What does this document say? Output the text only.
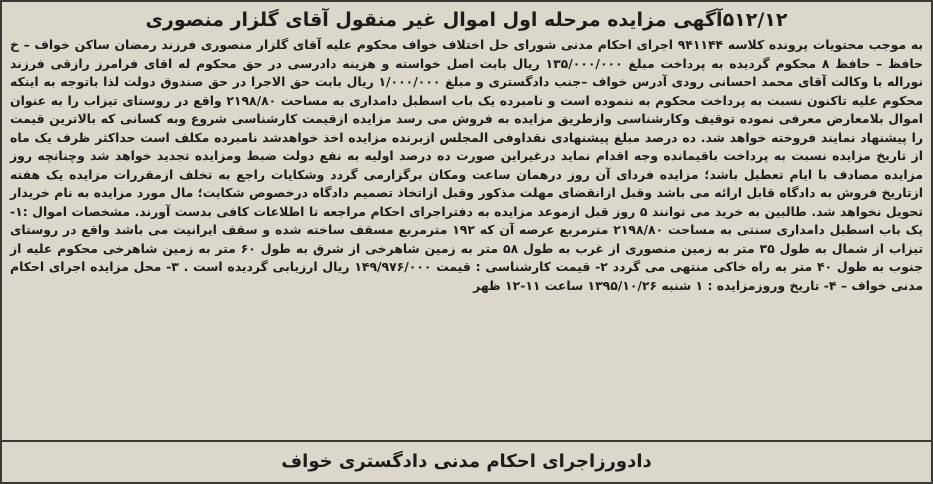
۵۱۲/۱۲آگهی مزایده مرحله اول اموال غیر منقول آقای گلزار منصوری

به موجب محتویات پرونده کلاسه ۹۴۱۱۴۴ اجرای احکام مدنی شورای حل اختلاف خواف محکوم علیه آقای گلزار منصوری فرزند رمضان ساکن خواف – خ حافظ – حافظ ۸ محکوم گردیده به پرداخت مبلغ ۱۳۵/۰۰۰/۰۰۰ ریال بابت اصل خواسته و هزینه دادرسی در حق محکوم له اقای فرامرز رازقی فرزند نوراله با وکالت آقای محمد احسانی رودی آدرس خواف –جنب دادگستری و مبلغ ۱/۰۰۰/۰۰۰ ریال بابت حق الاجرا در حق صندوق دولت لذا باتوجه به اینکه محکوم علیه تاکنون نسبت به پرداخت محکوم به ننموده است و نامبرده یک باب اسطبل دامداری به مساحت ۲۱۹۸/۸۰ واقع در روستای تیزاب را به عنوان اموال بلامعارض معرفی نموده توقیف وکارشناسی وازطریق مزایده به فروش می رسد مزایده ازقیمت کارشناسی شروع وبه کسانی که بالاترین قیمت را پیشنهاد نمایند فروخته خواهد شد. ده درصد مبلغ پیشنهادی نقداوفی المجلس ازبرنده مزایده اخذ خواهدشد نامبرده مکلف است حداکثر ظرف یک ماه از تاریخ مزایده نسبت به پرداخت باقیمانده وجه اقدام نماید درغیراین صورت ده درصد اولیه به نفع دولت ضبط ومزایده تجدید خواهد شد وچنانچه روز مزایده مصادف با ایام تعطیل باشد؛ مزایده فردای آن روز درهمان ساعت ومکان برگزارمی گردد وشکایات راجع به تخلف ازمقررات مزایده یک هفته ازتاریخ فروش به دادگاه قابل ارائه می باشد وقبل ازانقضای مهلت مذکور وقبل ازاتخاذ تصمیم دادگاه درخصوص شکایت؛ مال مورد مزایده به نام خریدار تحویل نخواهد شد. طالبین به خرید می توانند ۵ روز قبل ازموعد مزایده به دفتراجرای احکام مراجعه تا اطلاعات کافی بدست آورند. مشخصات اموال :۱- یک باب اسطبل دامداری سنتی به مساحت ۲۱۹۸/۸۰ مترمربع عرصه آن که ۱۹۲ مترمربع مسقف ساخته شده و سقف ایرانیت می باشد واقع در روستای تیزاب از شمال به طول ۳۵ متر به زمین منصوری از غرب به طول ۵۸ متر به زمین شاهرخی از شرق به طول ۶۰ متر به زمین شاهرخی محکوم علیه از جنوب به طول ۴۰ متر به راه خاکی منتهی می گردد ۲- قیمت کارشناسی : قیمت ۱۴۹/۹۷۶/۰۰۰ ریال ارزیابی گردیده است . ۳- محل مزایده اجرای احکام مدنی خواف – ۴- تاریخ وروزمزایده : ۱ شنبه ۱۳۹۵/۱۰/۲۶ ساعت ۱۱-۱۲ ظهر

دادورزاجرای احکام مدنی دادگستری خواف
